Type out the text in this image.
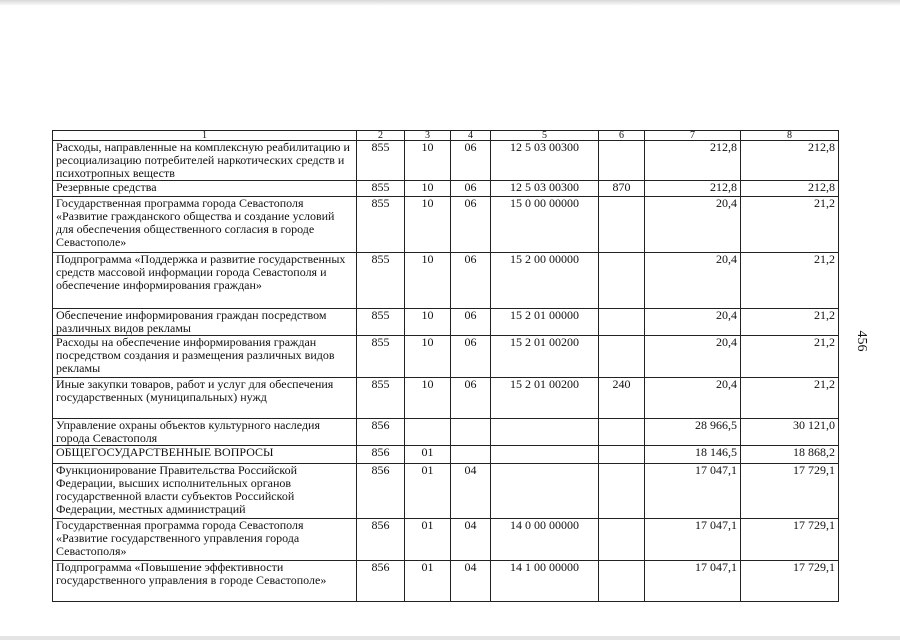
1	2	3	4	5	6	7	8
Расходы, направленные на комплексную реабилитацию и ресоциализацию потребителей наркотических средств и психотропных веществ	855	10	06	12 5 03 00300		212,8	212,8
Резервные средства	855	10	06	12 5 03 00300	870	212,8	212,8
Государственная программа города Севастополя «Развитие гражданского общества и создание условий для обеспечения общественного согласия в городе Севастополе»	855	10	06	15 0 00 00000		20,4	21,2
Подпрограмма «Поддержка и развитие государственных средств массовой информации города Севастополя и обеспечение информирования граждан»	855	10	06	15 2 00 00000		20,4	21,2
Обеспечение информирования граждан посредством различных видов рекламы	855	10	06	15 2 01 00000		20,4	21,2
Расходы на обеспечение информирования граждан посредством создания и размещения различных видов рекламы	855	10	06	15 2 01 00200		20,4	21,2
Иные закупки товаров, работ и услуг для обеспечения государственных (муниципальных) нужд	855	10	06	15 2 01 00200	240	20,4	21,2
Управление охраны объектов культурного наследия города Севастополя	856					28 966,5	30 121,0
ОБЩЕГОСУДАРСТВЕННЫЕ ВОПРОСЫ	856	01				18 146,5	18 868,2
Функционирование Правительства Российской Федерации, высших исполнительных органов государственной власти субъектов Российской Федерации, местных администраций	856	01	04			17 047,1	17 729,1
Государственная программа города Севастополя «Развитие государственного управления города Севастополя»	856	01	04	14 0 00 00000		17 047,1	17 729,1
Подпрограмма «Повышение эффективности государственного управления в городе Севастополе»	856	01	04	14 1 00 00000		17 047,1	17 729,1
456
